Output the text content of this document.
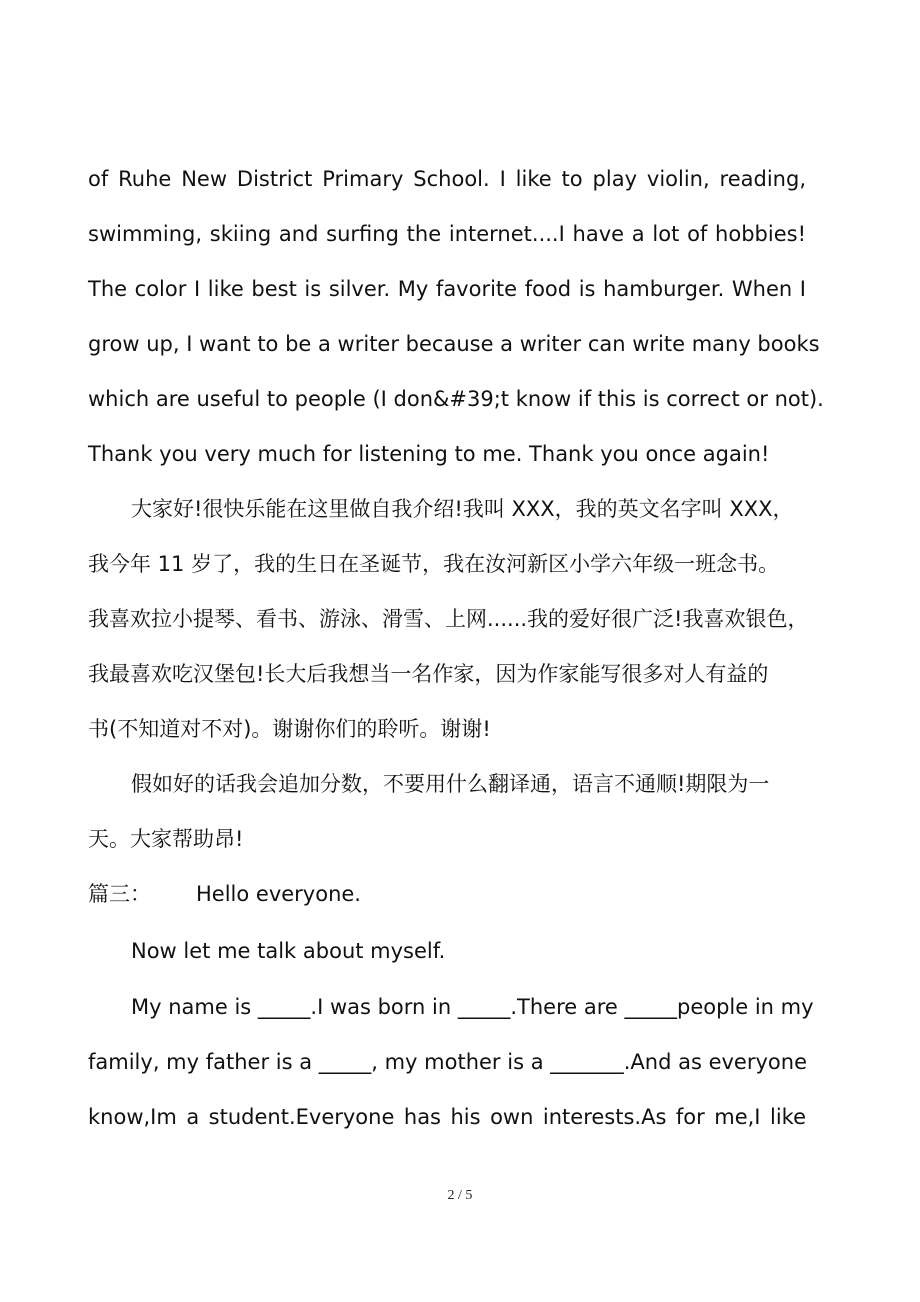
of Ruhe New District Primary School. I like to play violin, reading,
swimming, skiing and surfing the internet....I have a lot of hobbies!
The color I like best is silver. My favorite food is hamburger. When I
grow up, I want to be a writer because a writer can write many books
which are useful to people (I don&#39;t know if this is correct or not).
Thank you very much for listening to me. Thank you once again!
大家好!很快乐能在这里做自我介绍!我叫 XXX，我的英文名字叫 XXX，
我今年 11 岁了，我的生日在圣诞节，我在汝河新区小学六年级一班念书。
我喜欢拉小提琴、看书、游泳、滑雪、上网......我的爱好很广泛!我喜欢银色，
我最喜欢吃汉堡包!长大后我想当一名作家，因为作家能写很多对人有益的
书(不知道对不对)。谢谢你们的聆听。谢谢!
假如好的话我会追加分数，不要用什么翻译通，语言不通顺!期限为一
天。大家帮助昂!
篇三： Hello everyone.
Now let me talk about myself.
My name is _____.I was born in _____.There are _____people in my
family, my father is a _____, my mother is a _______.And as everyone
know,Im a student.Everyone has his own interests.As for me,I like
2 / 5
